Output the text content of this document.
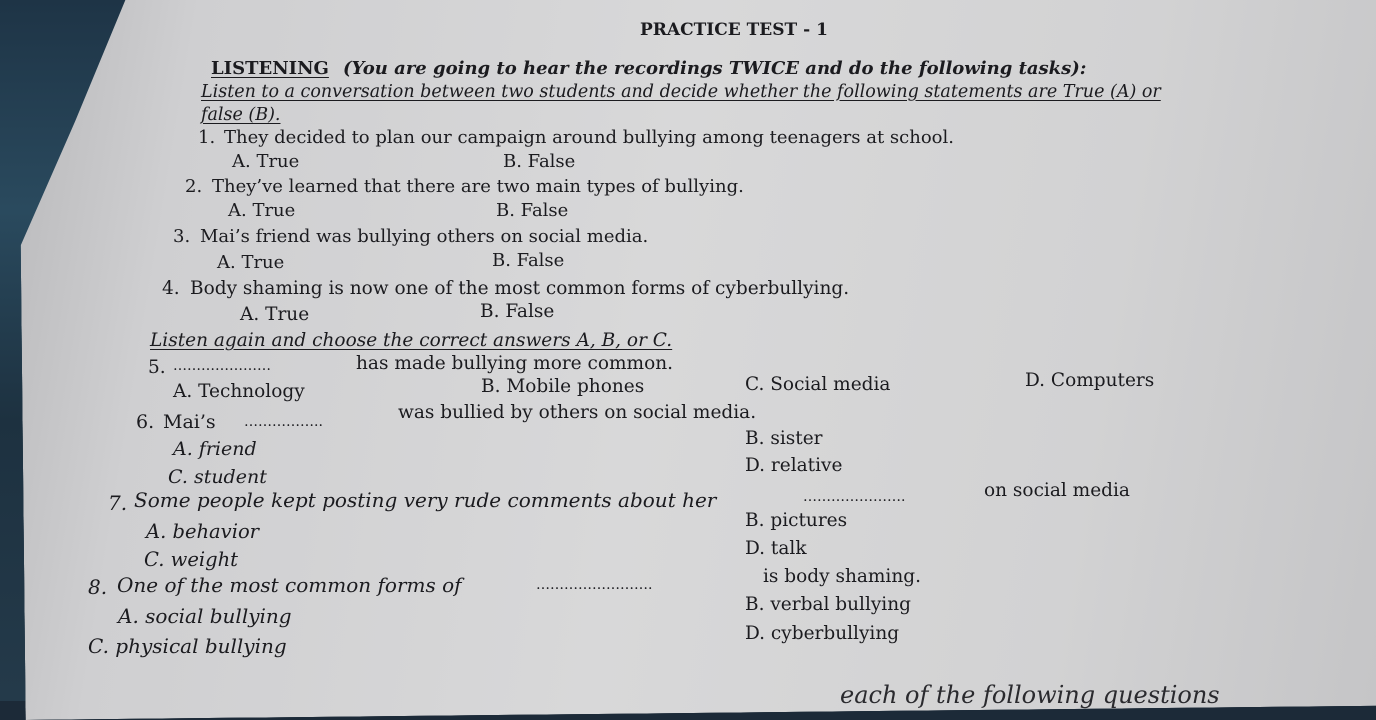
PRACTICE TEST - 1
LISTENING (You are going to hear the recordings TWICE and do the following tasks):
Listen to a conversation between two students and decide whether the following statements are True (A) or
false (B).
1. They decided to plan our campaign around bullying among teenagers at school.
A. True	B. False
2. They’ve learned that there are two main types of bullying.
A. True	B. False
3. Mai’s friend was bullying others on social media.
A. True	B. False
4. Body shaming is now one of the most common forms of cyberbullying.
A. True	B. False
Listen again and choose the correct answers A, B, or C.
5. …………………	has made bullying more common.
A. Technology	B. Mobile phones	C. Social media	D. Computers
6. Mai’s ……………..	was bullied by others on social media.
A. friend	B. sister
C. student
D. relative
7. Some people kept posting very rude comments about her	………………….	on social media
A. behavior	B. pictures
C. weight	D. talk
8. One of the most common forms of	…………………….	is body shaming.
A. social bullying	B. verbal bullying
C. physical bullying
D. cyberbullying
each of the following questions
